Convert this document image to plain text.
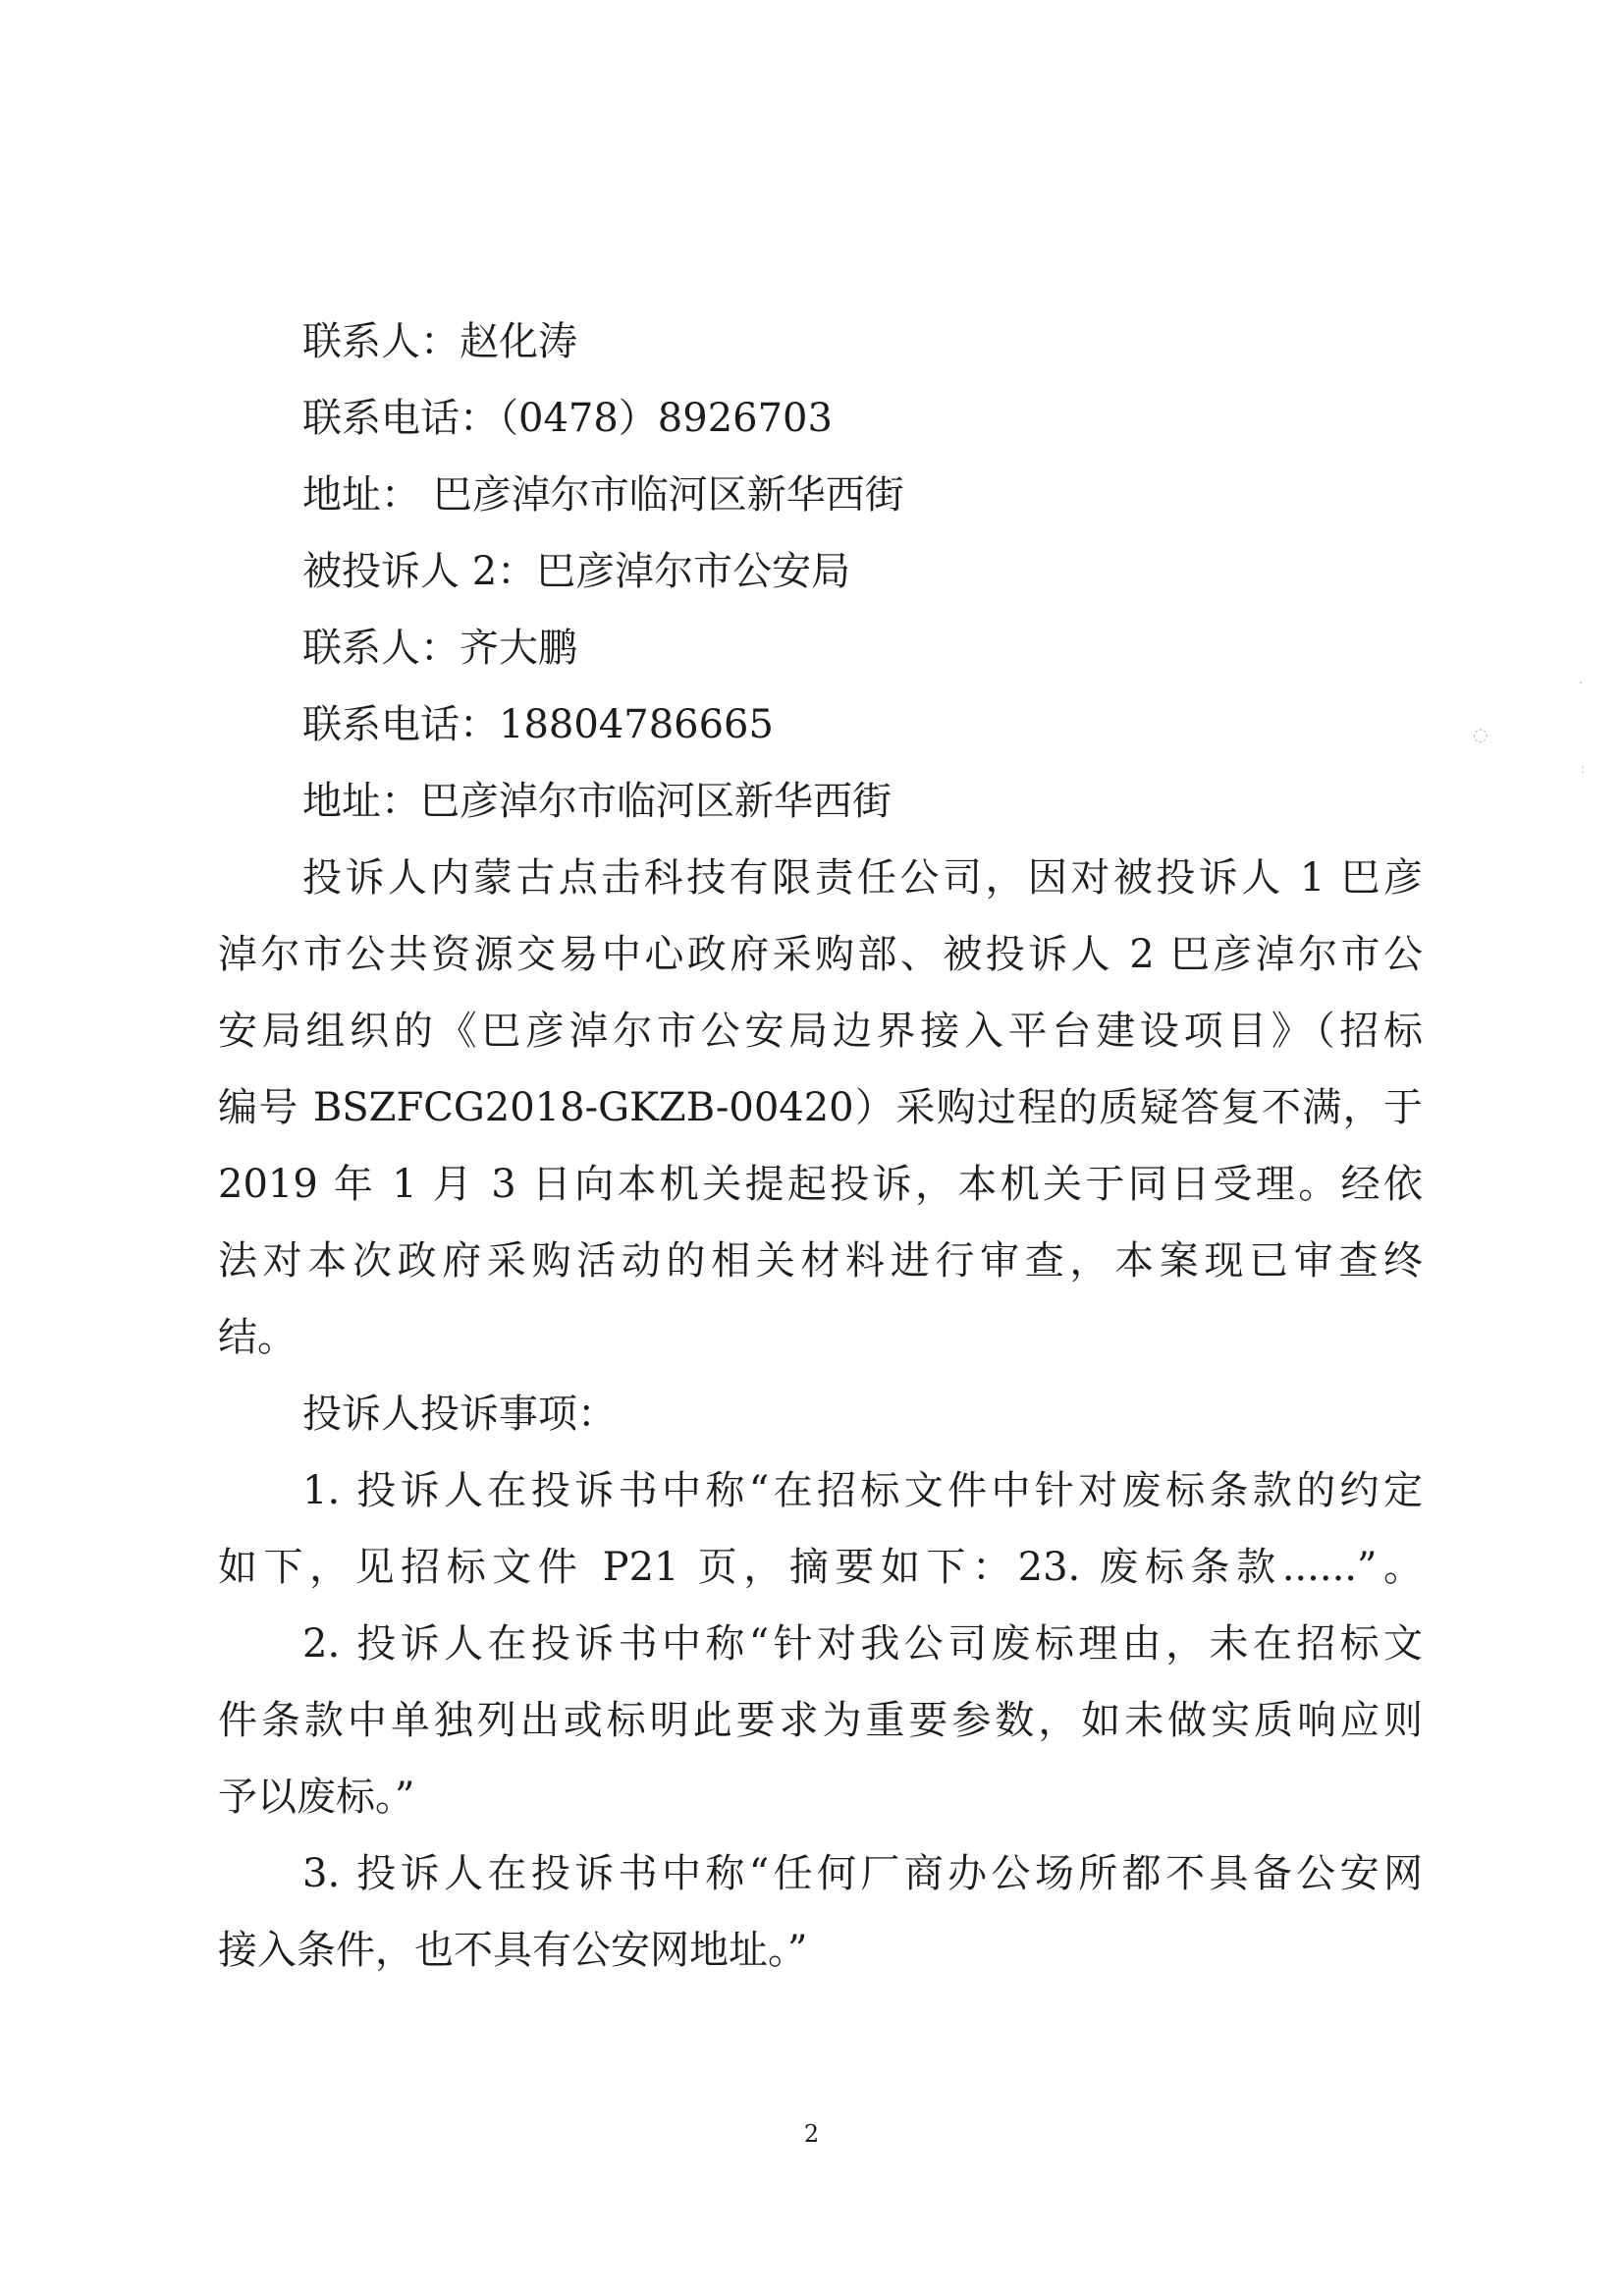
联系人：赵化涛
联系电话：（0478）8926703
地址： 巴彦淖尔市临河区新华西街
被投诉人 2：巴彦淖尔市公安局
联系人：齐大鹏
联系电话：18804786665
地址：巴彦淖尔市临河区新华西街
投诉人内蒙古点击科技有限责任公司，因对被投诉人 1 巴彦
淖尔市公共资源交易中心政府采购部、被投诉人 2 巴彦淖尔市公
安局组织的《巴彦淖尔市公安局边界接入平台建设项目》（招标
编号 BSZFCG2018-GKZB-00420）采购过程的质疑答复不满，于
2019 年 1 月 3 日向本机关提起投诉，本机关于同日受理。经依
法对本次政府采购活动的相关材料进行审查，本案现已审查终
结。
投诉人投诉事项：
1. 投诉人在投诉书中称“在招标文件中针对废标条款的约定
如下，见招标文件 P21 页，摘要如下：23. 废标条款......”。
2. 投诉人在投诉书中称“针对我公司废标理由，未在招标文
件条款中单独列出或标明此要求为重要参数，如未做实质响应则
予以废标。”
3. 投诉人在投诉书中称“任何厂商办公场所都不具备公安网
接入条件，也不具有公安网地址。”
2
·
◌
:
